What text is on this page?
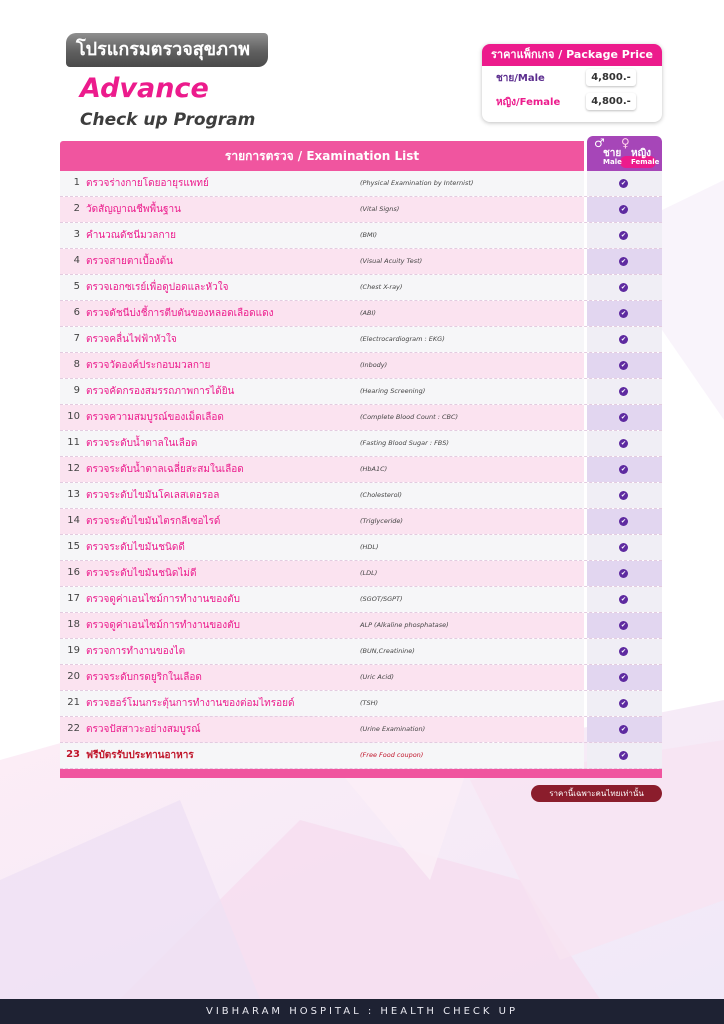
โปรแกรมตรวจสุขภาพ
Advance
Check up Program
ราคาแพ็กเกจ / Package Price
ชาย/Male	4,800.-
หญิง/Female	4,800.-
รายการตรวจ / Examination List
♂ ♀
ชาย หญิง
Male Female
1 ตรวจร่างกายโดยอายุรแพทย์	(Physical Examination by Internist)	✔
2 วัดสัญญาณชีพพื้นฐาน	(Vital Signs)	✔
3 คำนวณดัชนีมวลกาย	(BMI)	✔
4 ตรวจสายตาเบื้องต้น	(Visual Acuity Test)	✔
5 ตรวจเอกซเรย์เพื่อดูปอดและหัวใจ	(Chest X-ray)	✔
6 ตรวจดัชนีบ่งชี้การตีบตันของหลอดเลือดแดง	(ABI)	✔
7 ตรวจคลื่นไฟฟ้าหัวใจ	(Electrocardiogram : EKG)	✔
8 ตรวจวัดองค์ประกอบมวลกาย	(Inbody)	✔
9 ตรวจคัดกรองสมรรถภาพการได้ยิน	(Hearing Screening)	✔
10 ตรวจความสมบูรณ์ของเม็ดเลือด	(Complete Blood Count : CBC)	✔
11 ตรวจระดับน้ำตาลในเลือด	(Fasting Blood Sugar : FBS)	✔
12 ตรวจระดับน้ำตาลเฉลี่ยสะสมในเลือด	(HbA1C)	✔
13 ตรวจระดับไขมันโคเลสเตอรอล	(Cholesterol)	✔
14 ตรวจระดับไขมันไตรกลีเซอไรด์	(Triglyceride)	✔
15 ตรวจระดับไขมันชนิดดี	(HDL)	✔
16 ตรวจระดับไขมันชนิดไม่ดี	(LDL)	✔
17 ตรวจดูค่าเอนไซม์การทำงานของตับ	(SGOT/SGPT)	✔
18 ตรวจดูค่าเอนไซม์การทำงานของตับ	ALP (Alkaline phosphatase)	✔
19 ตรวจการทำงานของไต	(BUN,Creatinine)	✔
20 ตรวจระดับกรดยูริกในเลือด	(Uric Acid)	✔
21 ตรวจฮอร์โมนกระตุ้นการทำงานของต่อมไทรอยด์	(TSH)	✔
22 ตรวจปัสสาวะอย่างสมบูรณ์	(Urine Examination)	✔
23 ฟรีบัตรรับประทานอาหาร	(Free Food coupon)	✔
ราคานี้เฉพาะคนไทยเท่านั้น
VIBHARAM HOSPITAL : HEALTH CHECK UP
